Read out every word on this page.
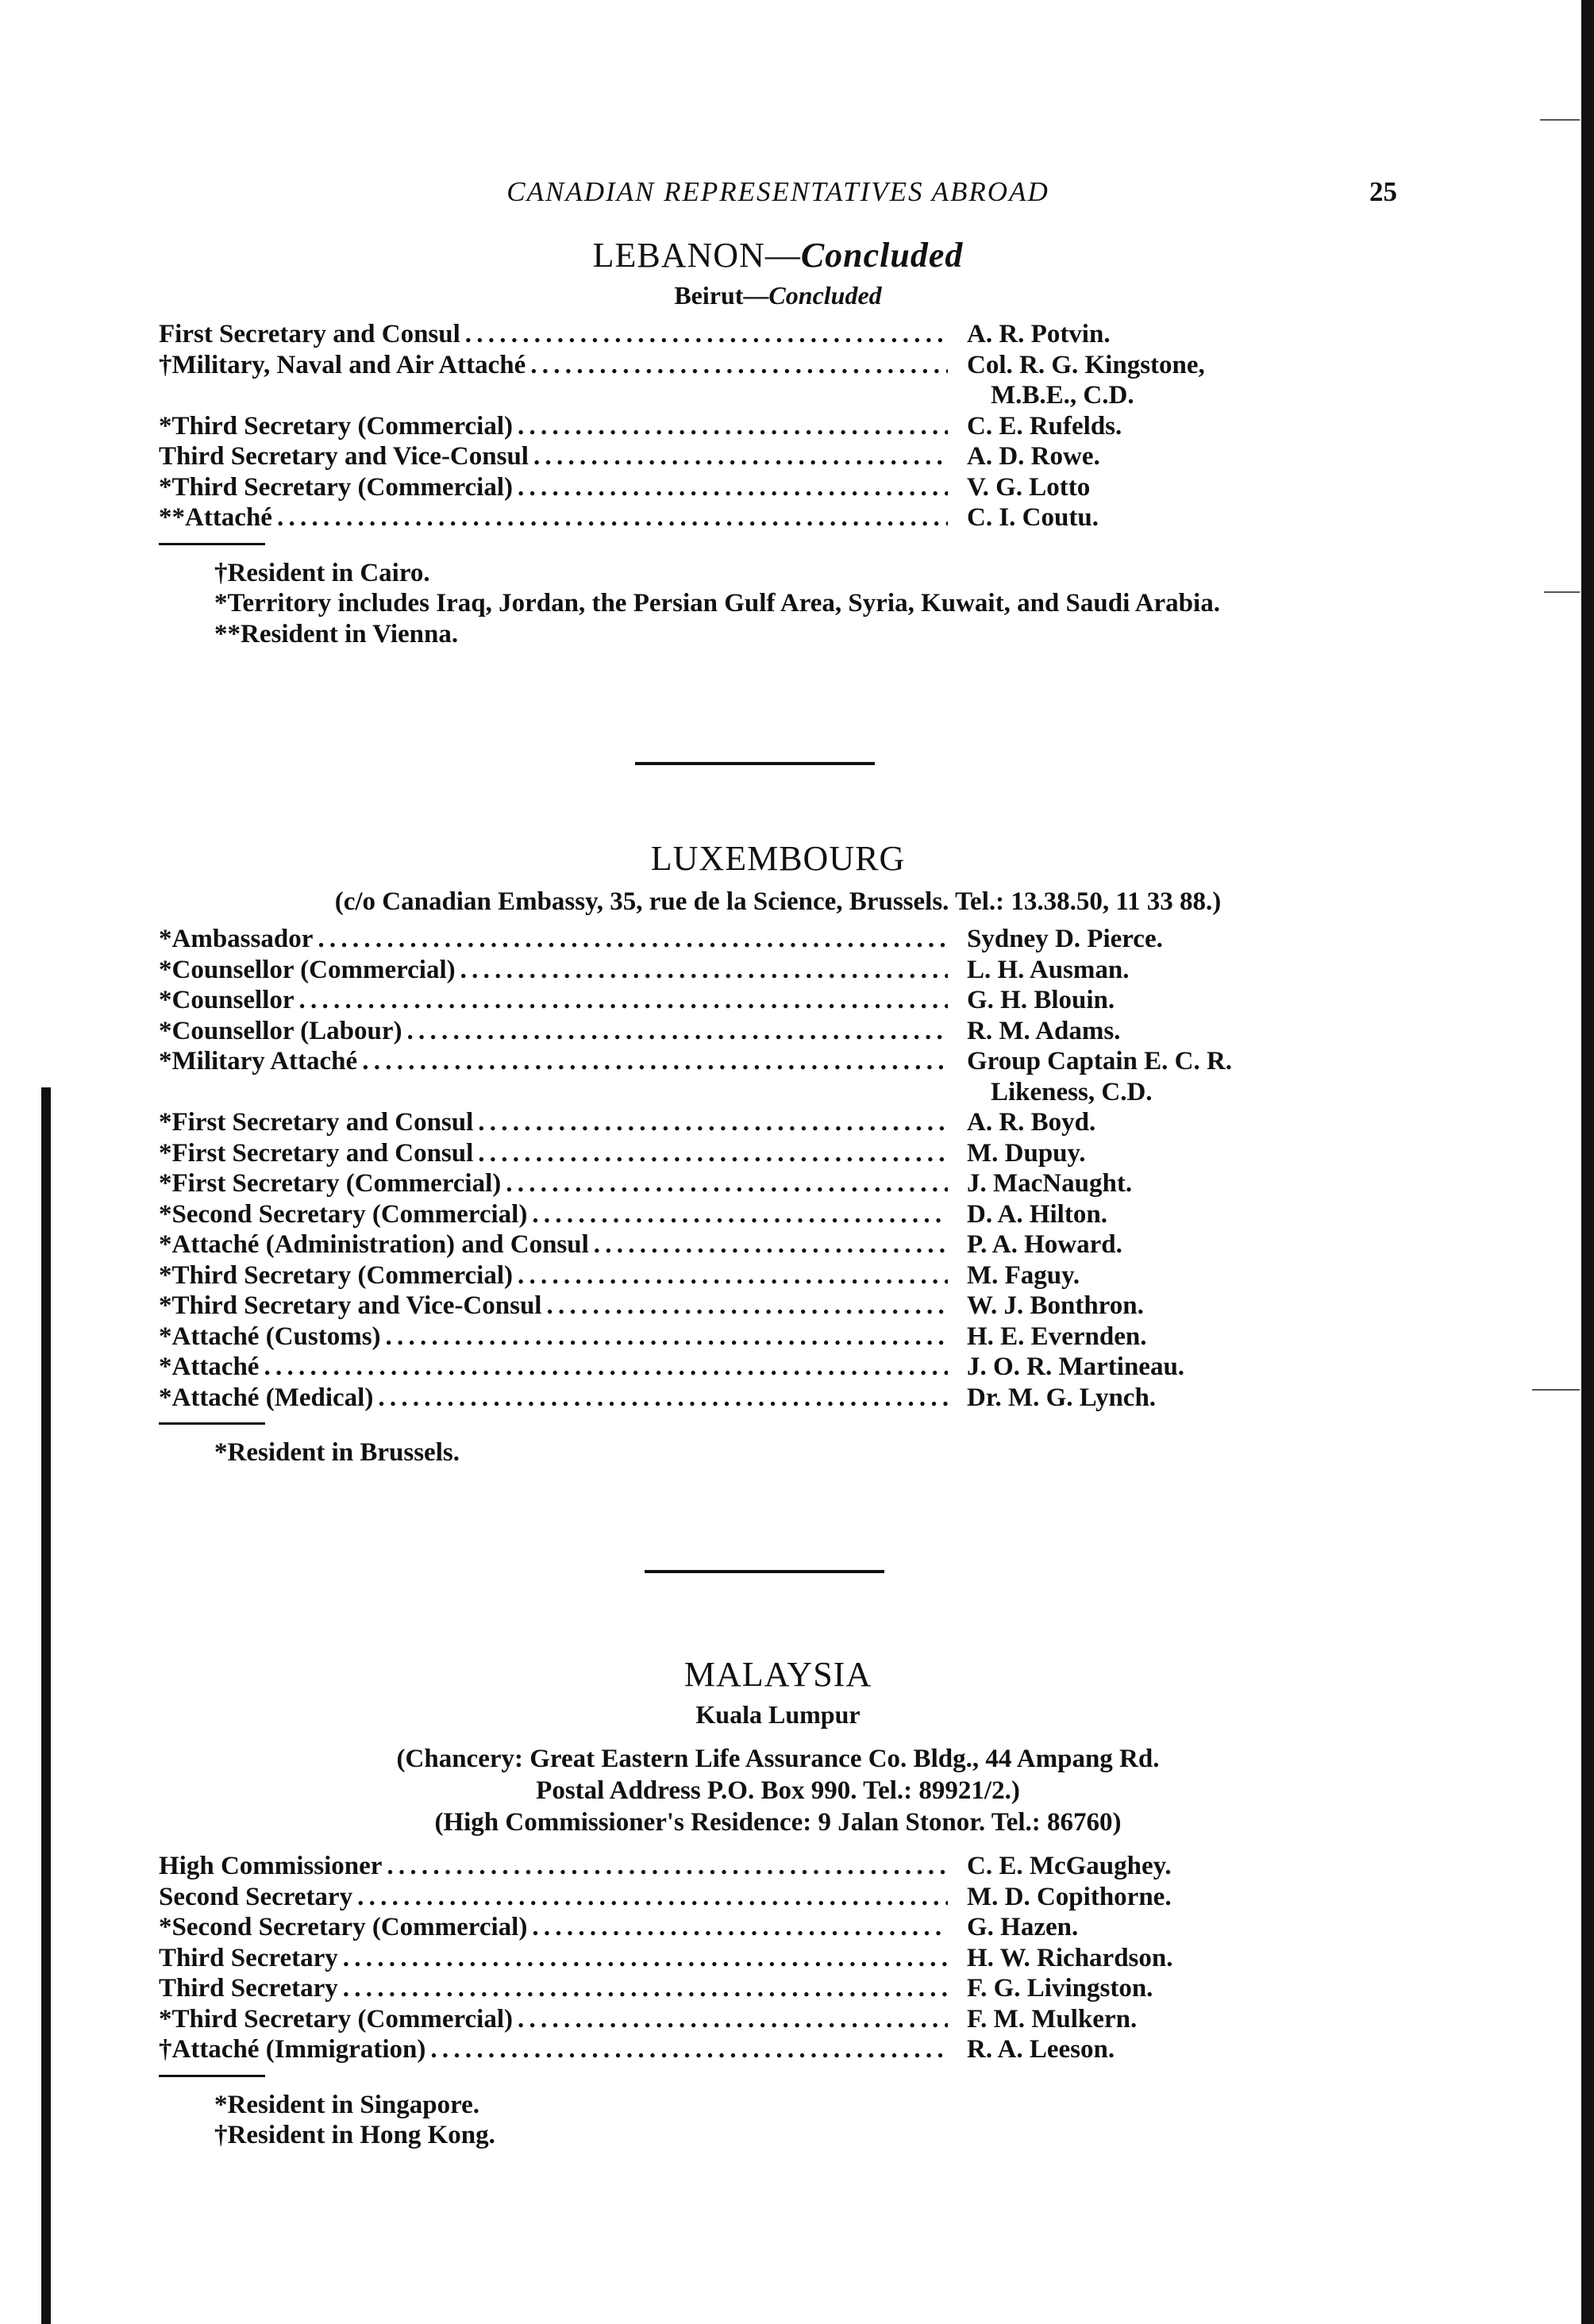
CANADIAN REPRESENTATIVES ABROAD	25
LEBANON—Concluded
Beirut—Concluded
First Secretary and Consul . . .	A. R. Potvin.
†Military, Naval and Air Attaché . . .	Col. R. G. Kingstone,
M.B.E., C.D.
*Third Secretary (Commercial) . . .	C. E. Rufelds.
Third Secretary and Vice-Consul . . .	A. D. Rowe.
*Third Secretary (Commercial) . . .	V. G. Lotto
**Attaché . . .	C. I. Coutu.
†Resident in Cairo.
*Territory includes Iraq, Jordan, the Persian Gulf Area, Syria, Kuwait, and Saudi Arabia.
**Resident in Vienna.
LUXEMBOURG
(c/o Canadian Embassy, 35, rue de la Science, Brussels. Tel.: 13.38.50, 11 33 88.)
*Ambassador . . .	Sydney D. Pierce.
*Counsellor (Commercial) . . .	L. H. Ausman.
*Counsellor . . .	G. H. Blouin.
*Counsellor (Labour) . . .	R. M. Adams.
*Military Attaché . . .	Group Captain E. C. R.
Likeness, C.D.
*First Secretary and Consul . . .	A. R. Boyd.
*First Secretary and Consul . . .	M. Dupuy.
*First Secretary (Commercial) . . .	J. MacNaught.
*Second Secretary (Commercial) . . .	D. A. Hilton.
*Attaché (Administration) and Consul . . .	P. A. Howard.
*Third Secretary (Commercial) . . .	M. Faguy.
*Third Secretary and Vice-Consul . . .	W. J. Bonthron.
*Attaché (Customs) . . .	H. E. Evernden.
*Attaché . . .	J. O. R. Martineau.
*Attaché (Medical) . . .	Dr. M. G. Lynch.
*Resident in Brussels.
MALAYSIA
Kuala Lumpur
(Chancery: Great Eastern Life Assurance Co. Bldg., 44 Ampang Rd.
Postal Address P.O. Box 990. Tel.: 89921/2.)
(High Commissioner's Residence: 9 Jalan Stonor. Tel.: 86760)
High Commissioner . . .	C. E. McGaughey.
Second Secretary . . .	M. D. Copithorne.
*Second Secretary (Commercial) . . .	G. Hazen.
Third Secretary . . .	H. W. Richardson.
Third Secretary . . .	F. G. Livingston.
*Third Secretary (Commercial) . . .	F. M. Mulkern.
†Attaché (Immigration) . . .	R. A. Leeson.
*Resident in Singapore.
†Resident in Hong Kong.
